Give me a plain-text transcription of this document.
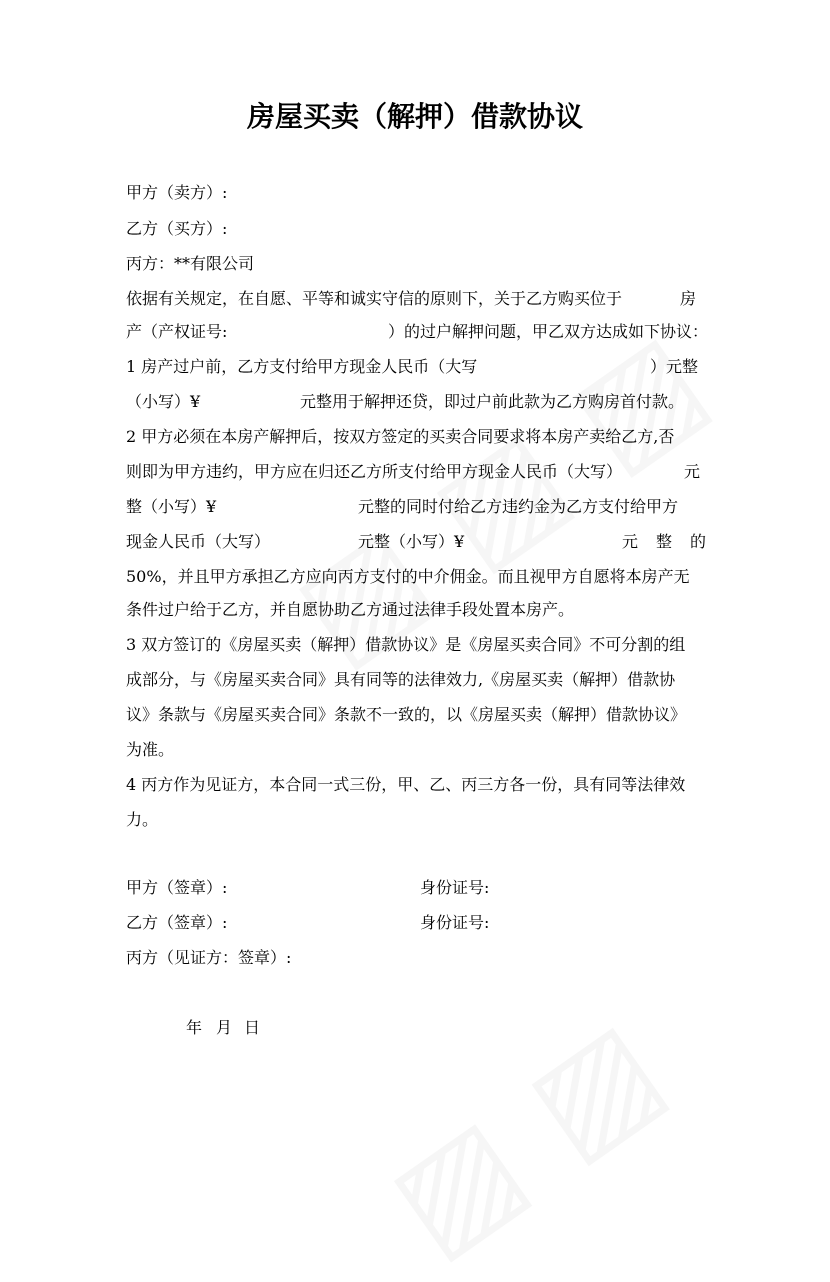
房屋买卖（解押）借款协议
甲方（卖方）:
乙方（买方）:
丙方：**有限公司
依据有关规定，在自愿、平等和诚实守信的原则下，关于乙方购买位于	房
产（产权证号:	）的过户解押问题，甲乙双方达成如下协议：
1 房产过户前，乙方支付给甲方现金人民币（大写	）元整
（小写）¥	元整用于解押还贷，即过户前此款为乙方购房首付款。
2 甲方必须在本房产解押后，按双方签定的买卖合同要求将本房产卖给乙方,否
则即为甲方违约，甲方应在归还乙方所支付给甲方现金人民币（大写）	元
整（小写）¥	元整的同时付给乙方违约金为乙方支付给甲方
现金人民币（大写）	元整（小写）¥	元 整 的
50%，并且甲方承担乙方应向丙方支付的中介佣金。而且视甲方自愿将本房产无
条件过户给于乙方，并自愿协助乙方通过法律手段处置本房产。
3 双方签订的《房屋买卖（解押）借款协议》是《房屋买卖合同》不可分割的组
成部分，与《房屋买卖合同》具有同等的法律效力,《房屋买卖（解押）借款协
议》条款与《房屋买卖合同》条款不一致的，以《房屋买卖（解押）借款协议》
为准。
4 丙方作为见证方，本合同一式三份，甲、乙、丙三方各一份，具有同等法律效
力。
甲方（签章）:	身份证号:
乙方（签章）:	身份证号:
丙方（见证方：签章）:
年 月 日
